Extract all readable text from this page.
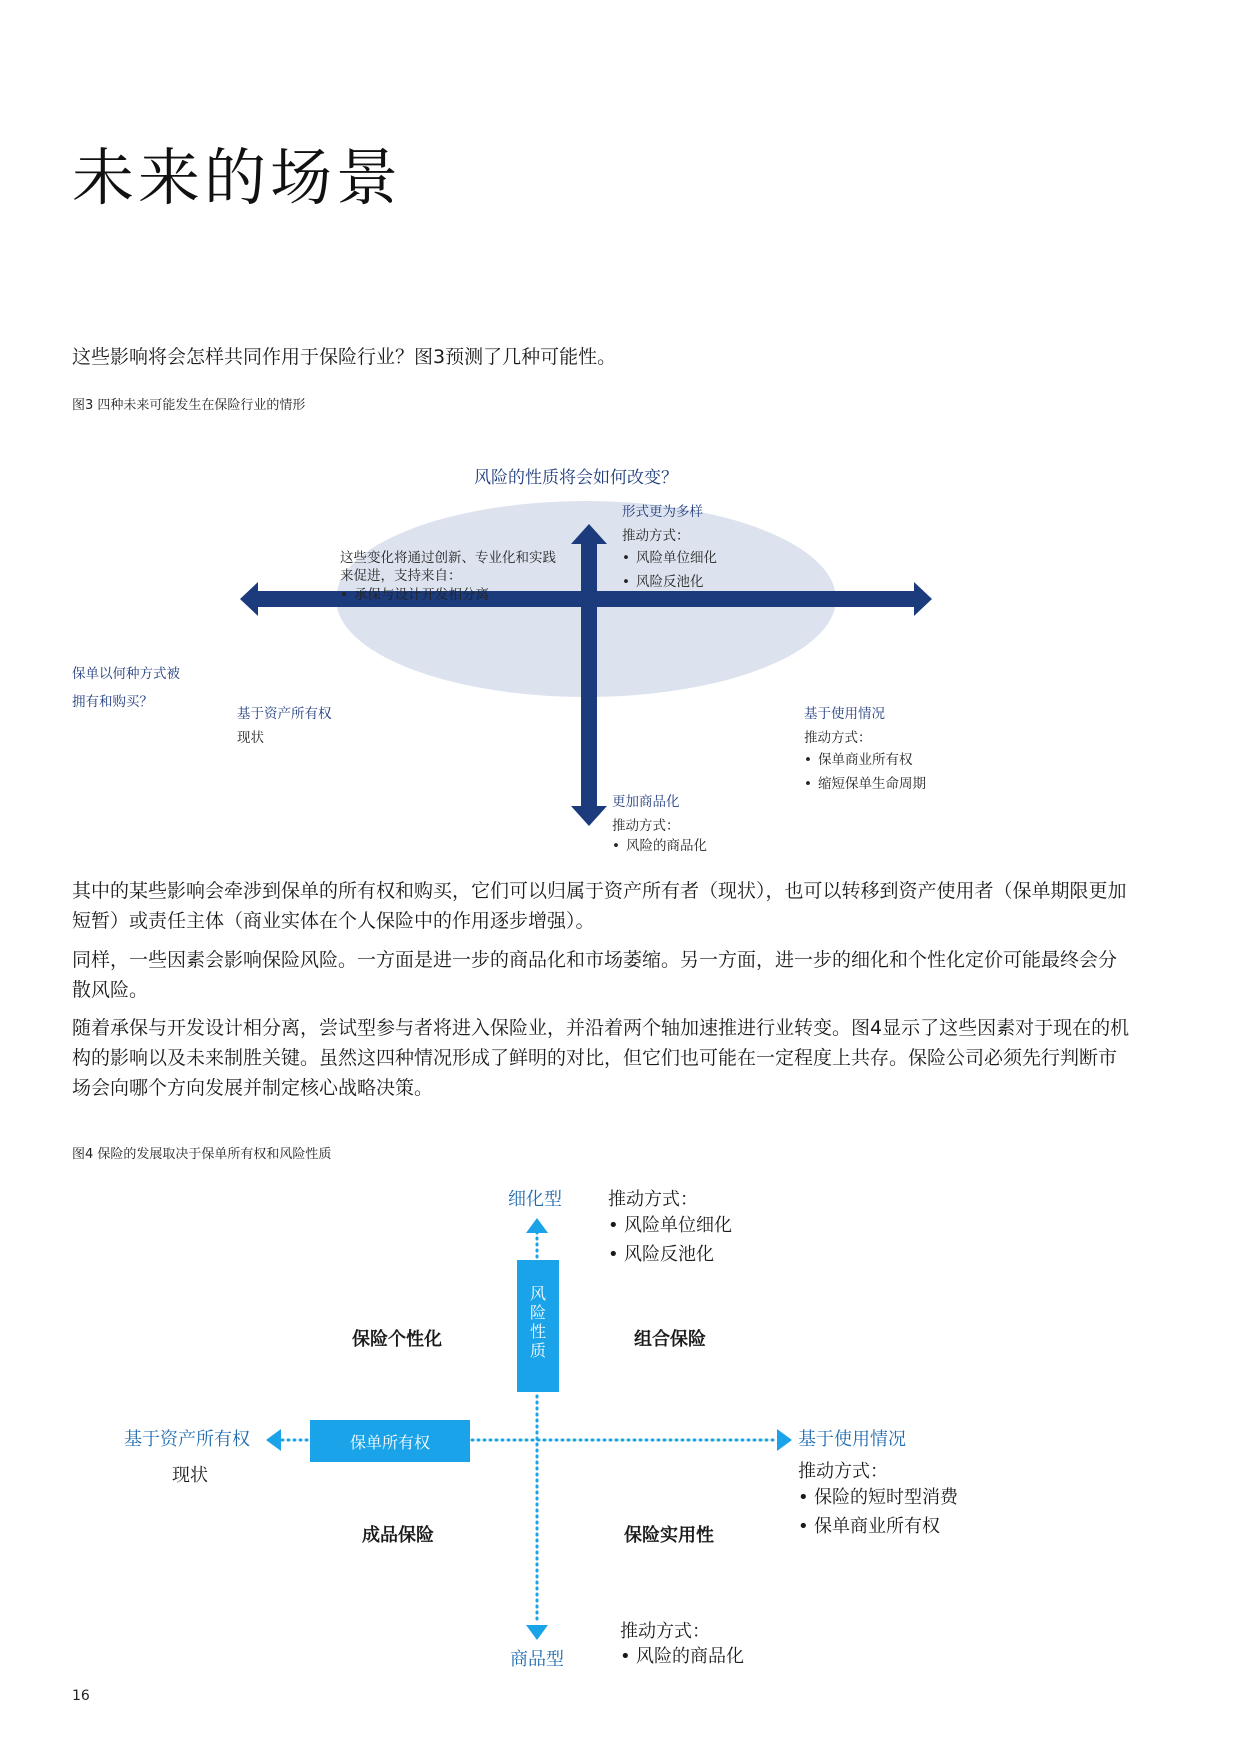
未来的场景
这些影响将会怎样共同作用于保险行业？图3预测了几种可能性。
图3 四种未来可能发生在保险行业的情形
风险的性质将会如何改变？
形式更为多样
推动方式：
• 风险单位细化
• 风险反池化
这些变化将通过创新、专业化和实践
来促进，支持来自：
• 承保与设计开发相分离
保单以何种方式被
拥有和购买？
基于资产所有权
现状
基于使用情况
推动方式：
• 保单商业所有权
• 缩短保单生命周期
更加商品化
推动方式：
• 风险的商品化
其中的某些影响会牵涉到保单的所有权和购买，它们可以归属于资产所有者（现状），也可以转移到资产使用者（保单期限更加短暂）或责任主体（商业实体在个人保险中的作用逐步增强）。
同样，一些因素会影响保险风险。一方面是进一步的商品化和市场萎缩。另一方面，进一步的细化和个性化定价可能最终会分散风险。
随着承保与开发设计相分离，尝试型参与者将进入保险业，并沿着两个轴加速推进行业转变。图4显示了这些因素对于现在的机构的影响以及未来制胜关键。虽然这四种情况形成了鲜明的对比，但它们也可能在一定程度上共存。保险公司必须先行判断市场会向哪个方向发展并制定核心战略决策。
图4 保险的发展取决于保单所有权和风险性质
风
险
性
质
保单所有权
细化型	推动方式：
• 风险单位细化
• 风险反池化
保险个性化	组合保险
成品保险	保险实用性
基于资产所有权
现状
基于使用情况
推动方式：
• 保险的短时型消费
• 保单商业所有权
推动方式：
• 风险的商品化
商品型
16
